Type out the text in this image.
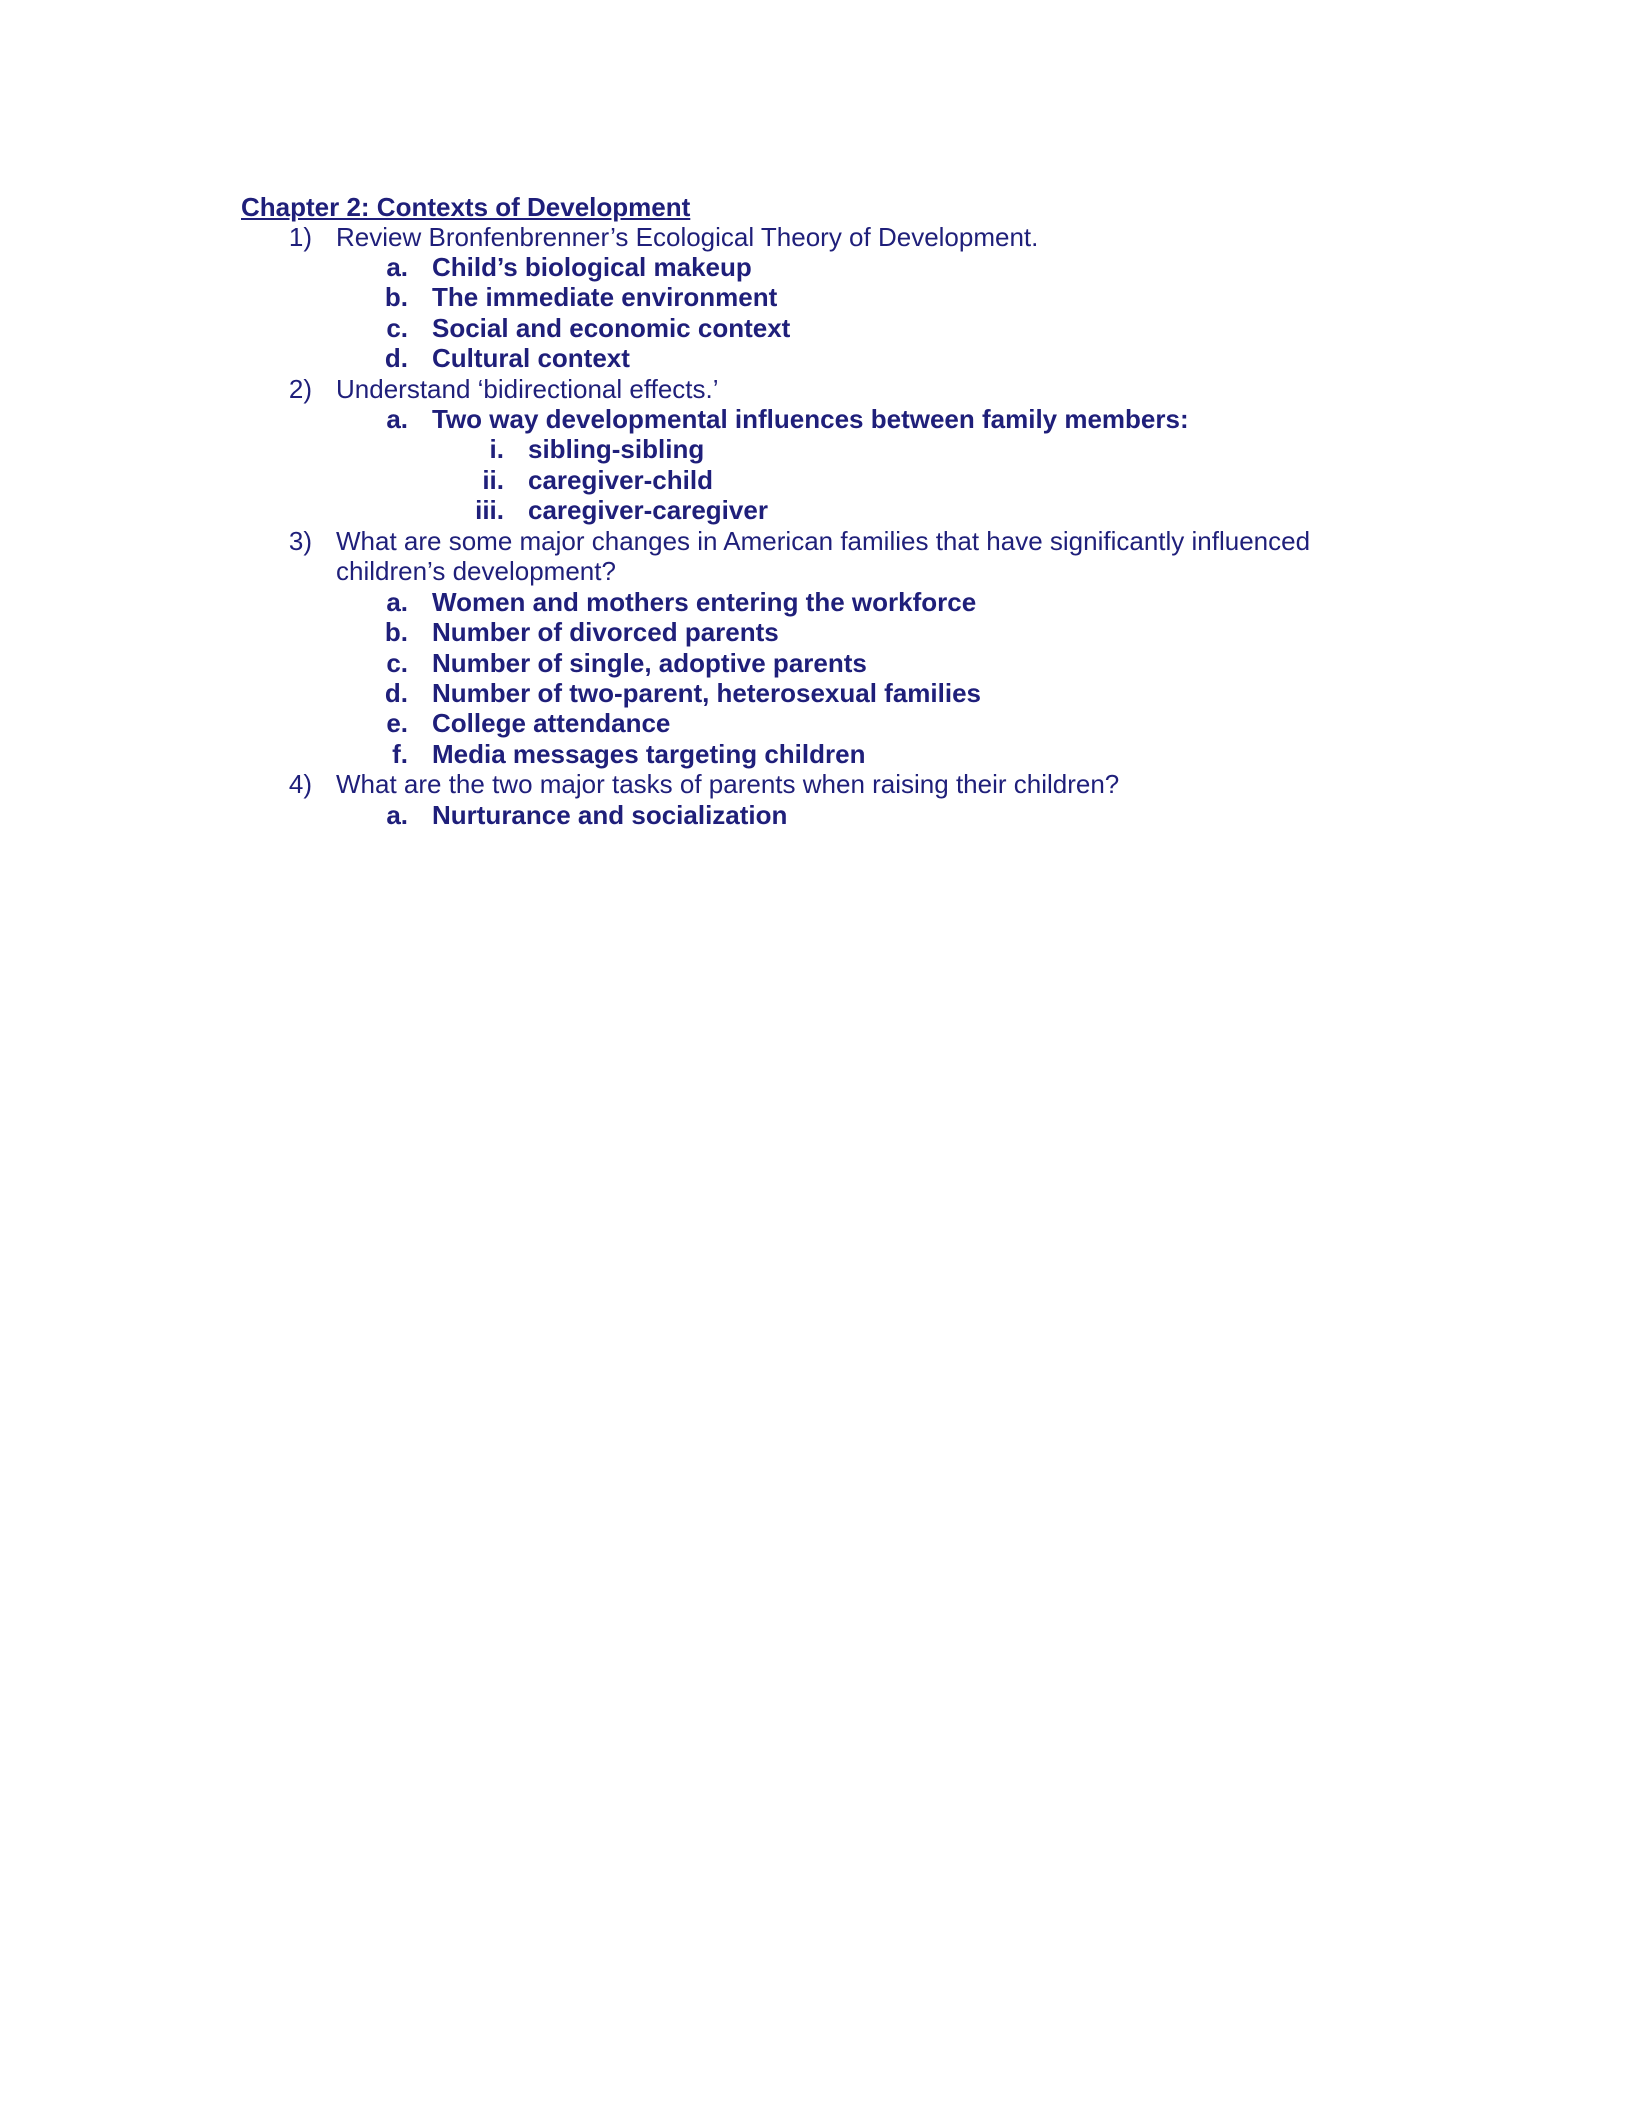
Chapter 2: Contexts of Development
1) Review Bronfenbrenner’s Ecological Theory of Development.
a. Child’s biological makeup
b. The immediate environment
c. Social and economic context
d. Cultural context
2) Understand ‘bidirectional effects.’
a. Two way developmental influences between family members:
i. sibling-sibling
ii. caregiver-child
iii. caregiver-caregiver
3) What are some major changes in American families that have significantly influenced
children’s development?
a. Women and mothers entering the workforce
b. Number of divorced parents
c. Number of single, adoptive parents
d. Number of two-parent, heterosexual families
e. College attendance
f. Media messages targeting children
4) What are the two major tasks of parents when raising their children?
a. Nurturance and socialization
